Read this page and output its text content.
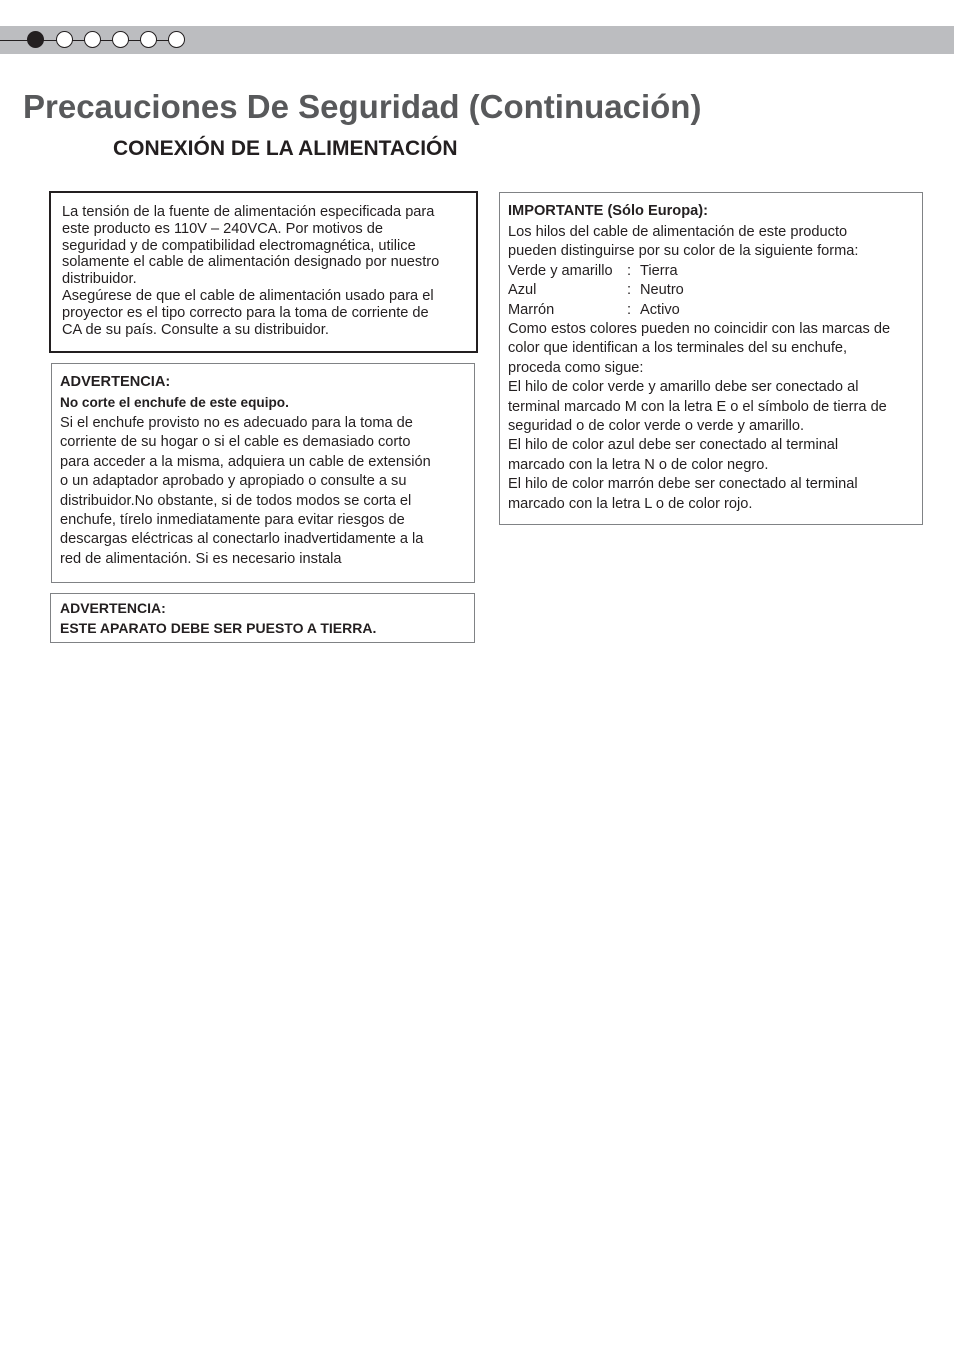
Precauciones De Seguridad (Continuación)
CONEXIÓN DE LA ALIMENTACIÓN

La tensión de la fuente de alimentación especificada para

este producto es 110V – 240VCA. Por motivos de

seguridad y de compatibilidad electromagnética, utilice

solamente el cable de alimentación designado por nuestro

distribuidor.

Asegúrese de que el cable de alimentación usado para el

proyector es el tipo correcto para la toma de corriente de

CA de su país. Consulte a su distribuidor.

ADVERTENCIA:

No corte el enchufe de este equipo.

Si el enchufe provisto no es adecuado para la toma de

corriente de su hogar o si el cable es demasiado corto

para acceder a la misma, adquiera un cable de extensión

o un adaptador aprobado y apropiado o consulte a su

distribuidor.No obstante, si de todos modos se corta el

enchufe, tírelo inmediatamente para evitar riesgos de

descargas eléctricas al conectarlo inadvertidamente a la

red de alimentación. Si es necesario instala

ADVERTENCIA:

ESTE APARATO DEBE SER PUESTO A TIERRA.

IMPORTANTE (Sólo Europa):

Los hilos del cable de alimentación de este producto

pueden distinguirse por su color de la siguiente forma:

Verde y amarillo : Tierra
Azul	: Neutro
Marrón	: Activo

Como estos colores pueden no coincidir con las marcas de

color que identifican a los terminales del su enchufe,

proceda como sigue:

El hilo de color verde y amarillo debe ser conectado al

terminal marcado M con la letra E o el símbolo de tierra de

seguridad o de color verde o verde y amarillo.

El hilo de color azul debe ser conectado al terminal

marcado con la letra N o de color negro.

El hilo de color marrón debe ser conectado al terminal

marcado con la letra L o de color rojo.
